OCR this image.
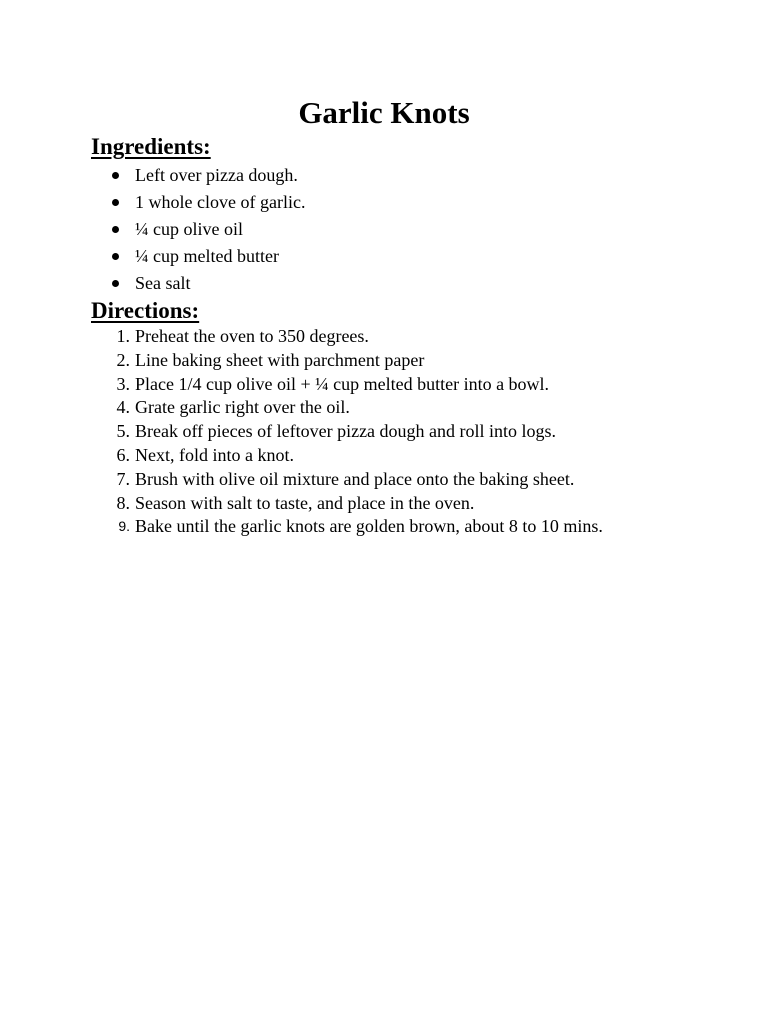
Garlic Knots
Ingredients:
Left over pizza dough.
1 whole clove of garlic.
¼ cup olive oil
¼ cup melted butter
Sea salt
Directions:
1. Preheat the oven to 350 degrees.
2. Line baking sheet with parchment paper
3. Place 1/4 cup olive oil + ¼ cup melted butter into a bowl.
4. Grate garlic right over the oil.
5. Break off pieces of leftover pizza dough and roll into logs.
6. Next, fold into a knot.
7. Brush with olive oil mixture and place onto the baking sheet.
8. Season with salt to taste, and place in the oven.
9. Bake until the garlic knots are golden brown, about 8 to 10 mins.
